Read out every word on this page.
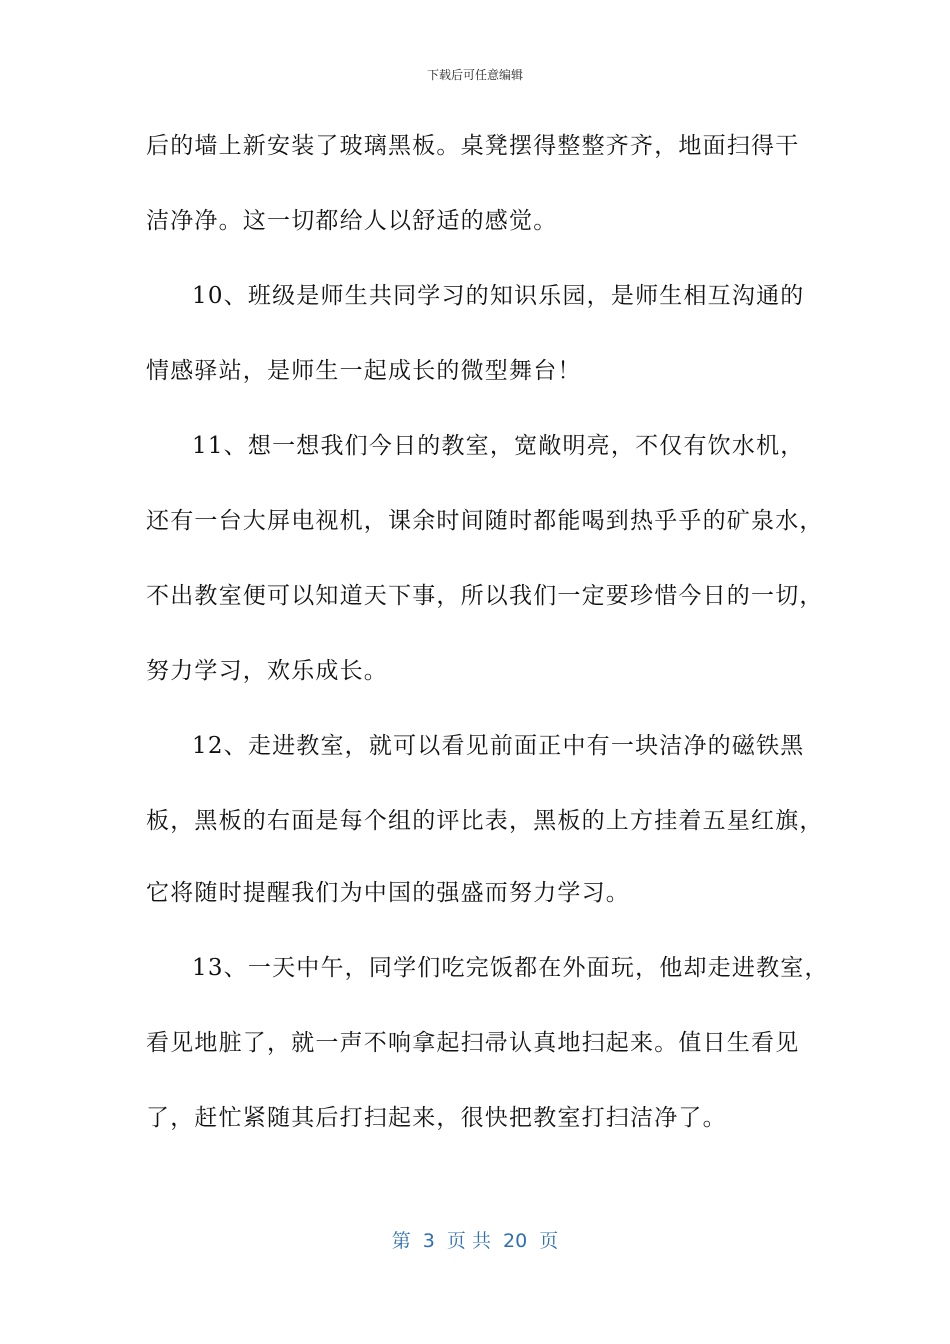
下载后可任意编辑
后的墙上新安装了玻璃黑板。桌凳摆得整整齐齐，地面扫得干
洁净净。这一切都给人以舒适的感觉。
10、班级是师生共同学习的知识乐园，是师生相互沟通的
情感驿站，是师生一起成长的微型舞台！
11、想一想我们今日的教室，宽敞明亮，不仅有饮水机，
还有一台大屏电视机，课余时间随时都能喝到热乎乎的矿泉水，
不出教室便可以知道天下事，所以我们一定要珍惜今日的一切，
努力学习，欢乐成长。
12、走进教室，就可以看见前面正中有一块洁净的磁铁黑
板，黑板的右面是每个组的评比表，黑板的上方挂着五星红旗，
它将随时提醒我们为中国的强盛而努力学习。
13、一天中午，同学们吃完饭都在外面玩，他却走进教室，
看见地脏了，就一声不响拿起扫帚认真地扫起来。值日生看见
了，赶忙紧随其后打扫起来，很快把教室打扫洁净了。
第  3  页 共  20  页
